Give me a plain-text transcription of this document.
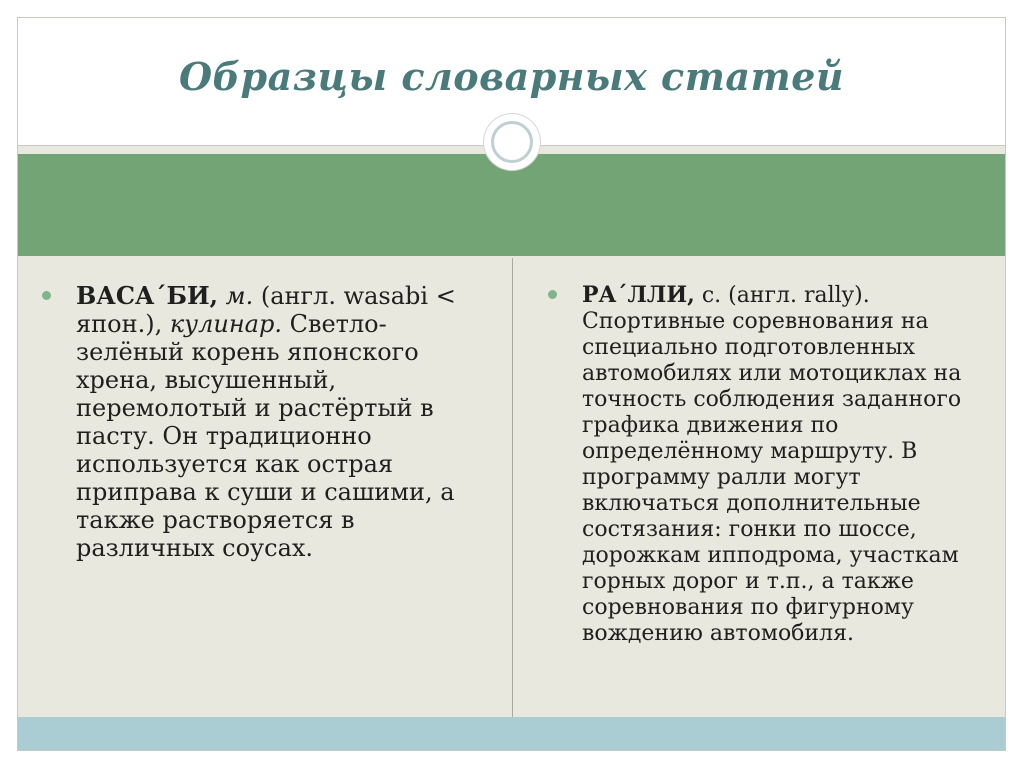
Образцы словарных статей
ВАСА´БИ, м. (англ. wasabi < япон.), кулинар. Светло-зелёный корень японского хрена, высушенный, перемолотый и растёртый в пасту. Он традиционно используется как острая приправа к суши и сашими, а также растворяется в различных соусах.
РА´ЛЛИ, с. (англ. rally). Спортивные соревнования на специально подготовленных автомобилях или мотоциклах на точность соблюдения заданного графика движения по определённому маршруту. В программу ралли могут включаться дополнительные состязания: гонки по шоссе, дорожкам ипподрома, участкам горных дорог и т.п., а также соревнования по фигурному вождению автомобиля.
